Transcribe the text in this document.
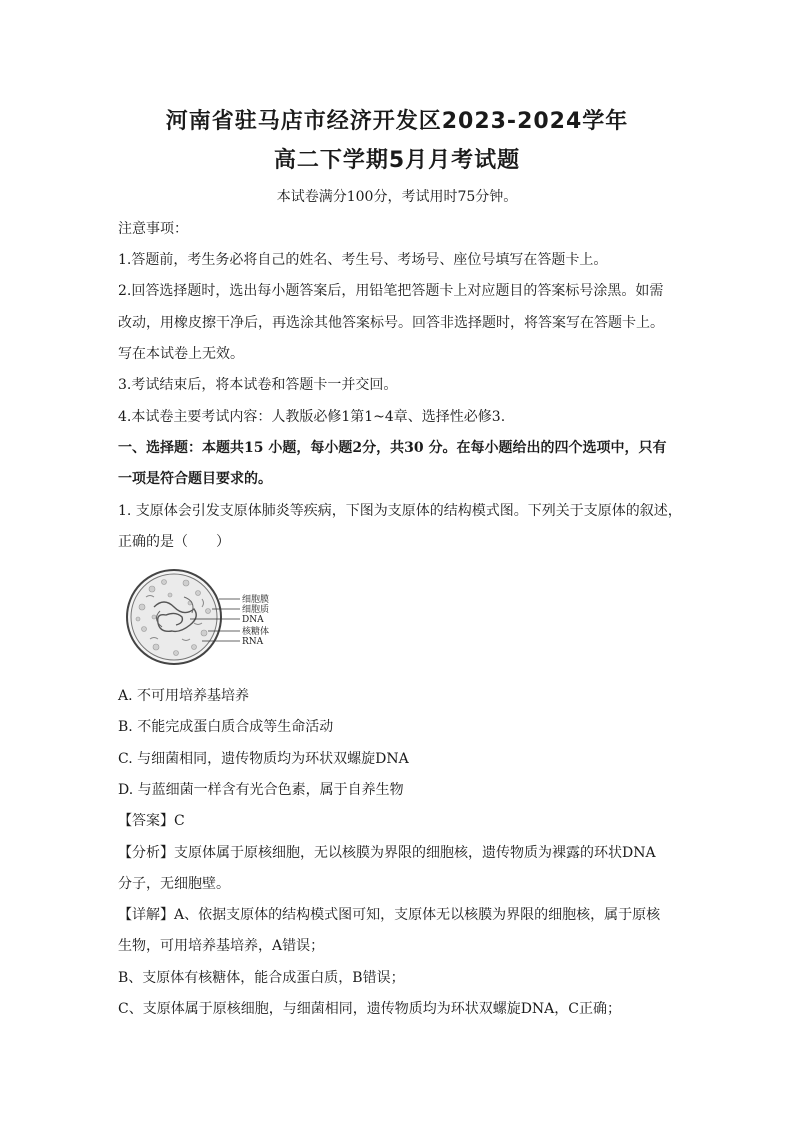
河南省驻马店市经济开发区2023-2024学年
高二下学期5月月考试题
本试卷满分100分，考试用时75分钟。
注意事项：
1.答题前，考生务必将自己的姓名、考生号、考场号、座位号填写在答题卡上。
2.回答选择题时，选出每小题答案后，用铅笔把答题卡上对应题目的答案标号涂黑。如需
改动，用橡皮擦干净后，再选涂其他答案标号。回答非选择题时，将答案写在答题卡上。
写在本试卷上无效。
3.考试结束后，将本试卷和答题卡一并交回。
4.本试卷主要考试内容：人教版必修1第1~4章、选择性必修3.
一、选择题：本题共15 小题，每小题2分，共30 分。在每小题给出的四个选项中，只有
一项是符合题目要求的。
1. 支原体会引发支原体肺炎等疾病，下图为支原体的结构模式图。下列关于支原体的叙述，
正确的是（　　）
细胞膜
细胞质
DNA
核糖体
RNA
A. 不可用培养基培养
B. 不能完成蛋白质合成等生命活动
C. 与细菌相同，遗传物质均为环状双螺旋DNA
D. 与蓝细菌一样含有光合色素，属于自养生物
【答案】C
【分析】支原体属于原核细胞，无以核膜为界限的细胞核，遗传物质为裸露的环状DNA
分子，无细胞壁。
【详解】A、依据支原体的结构模式图可知，支原体无以核膜为界限的细胞核，属于原核
生物，可用培养基培养，A错误；
B、支原体有核糖体，能合成蛋白质，B错误；
C、支原体属于原核细胞，与细菌相同，遗传物质均为环状双螺旋DNA，C正确；
